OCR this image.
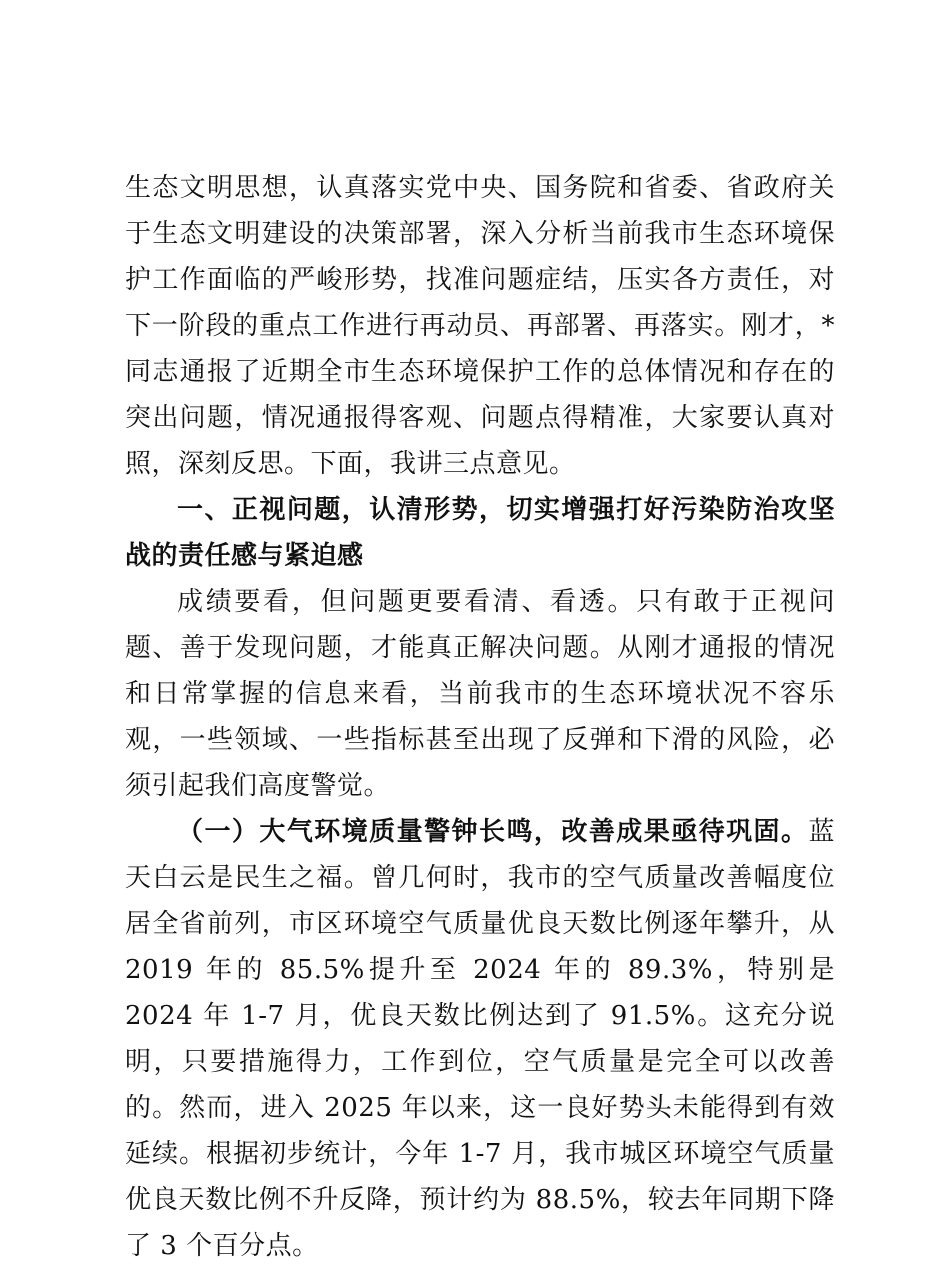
生态文明思想，认真落实党中央、国务院和省委、省政府关于生态文明建设的决策部署，深入分析当前我市生态环境保护工作面临的严峻形势，找准问题症结，压实各方责任，对下一阶段的重点工作进行再动员、再部署、再落实。刚才，*同志通报了近期全市生态环境保护工作的总体情况和存在的突出问题，情况通报得客观、问题点得精准，大家要认真对照，深刻反思。下面，我讲三点意见。

一、正视问题，认清形势，切实增强打好污染防治攻坚战的责任感与紧迫感

成绩要看，但问题更要看清、看透。只有敢于正视问题、善于发现问题，才能真正解决问题。从刚才通报的情况和日常掌握的信息来看，当前我市的生态环境状况不容乐观，一些领域、一些指标甚至出现了反弹和下滑的风险，必须引起我们高度警觉。

（一）大气环境质量警钟长鸣，改善成果亟待巩固。蓝天白云是民生之福。曾几何时，我市的空气质量改善幅度位居全省前列，市区环境空气质量优良天数比例逐年攀升，从 2019 年的 85.5%提升至 2024 年的 89.3%，特别是 2024 年 1-7 月，优良天数比例达到了 91.5%。这充分说明，只要措施得力，工作到位，空气质量是完全可以改善的。然而，进入 2025 年以来，这一良好势头未能得到有效延续。根据初步统计，今年 1-7 月，我市城区环境空气质量优良天数比例不升反降，预计约为 88.5%，较去年同期下降了 3 个百分点。
